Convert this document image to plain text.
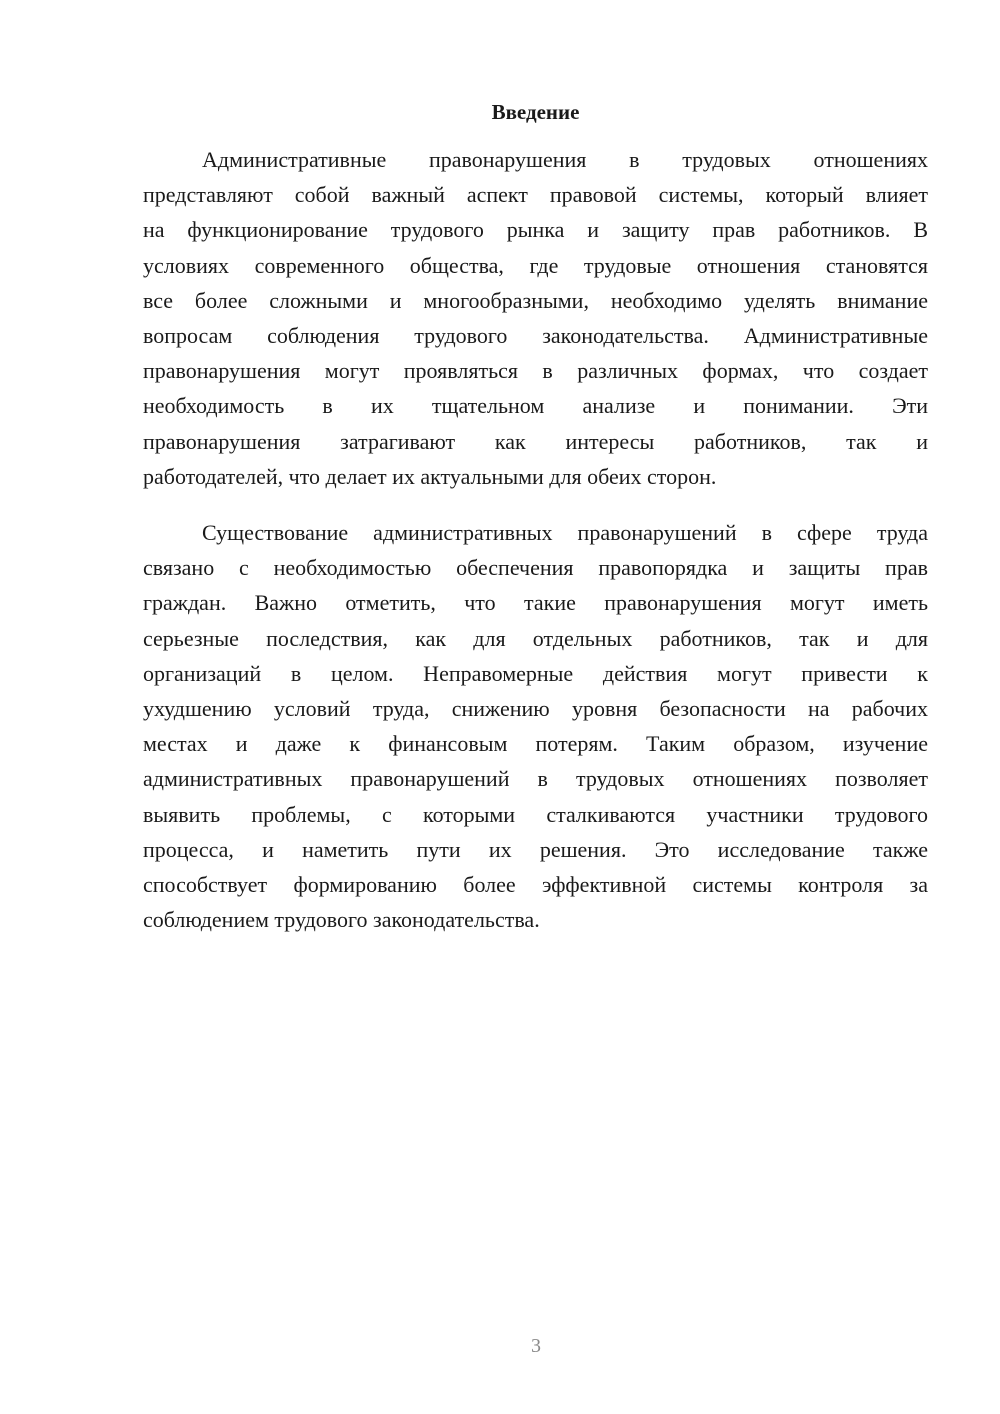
Введение
Административные правонарушения в трудовых отношениях
представляют собой важный аспект правовой системы, который влияет
на функционирование трудового рынка и защиту прав работников. В
условиях современного общества, где трудовые отношения становятся
все более сложными и многообразными, необходимо уделять внимание
вопросам соблюдения трудового законодательства. Административные
правонарушения могут проявляться в различных формах, что создает
необходимость в их тщательном анализе и понимании. Эти
правонарушения затрагивают как интересы работников, так и
работодателей, что делает их актуальными для обеих сторон.
Существование административных правонарушений в сфере труда
связано с необходимостью обеспечения правопорядка и защиты прав
граждан. Важно отметить, что такие правонарушения могут иметь
серьезные последствия, как для отдельных работников, так и для
организаций в целом. Неправомерные действия могут привести к
ухудшению условий труда, снижению уровня безопасности на рабочих
местах и даже к финансовым потерям. Таким образом, изучение
административных правонарушений в трудовых отношениях позволяет
выявить проблемы, с которыми сталкиваются участники трудового
процесса, и наметить пути их решения. Это исследование также
способствует формированию более эффективной системы контроля за
соблюдением трудового законодательства.
3
